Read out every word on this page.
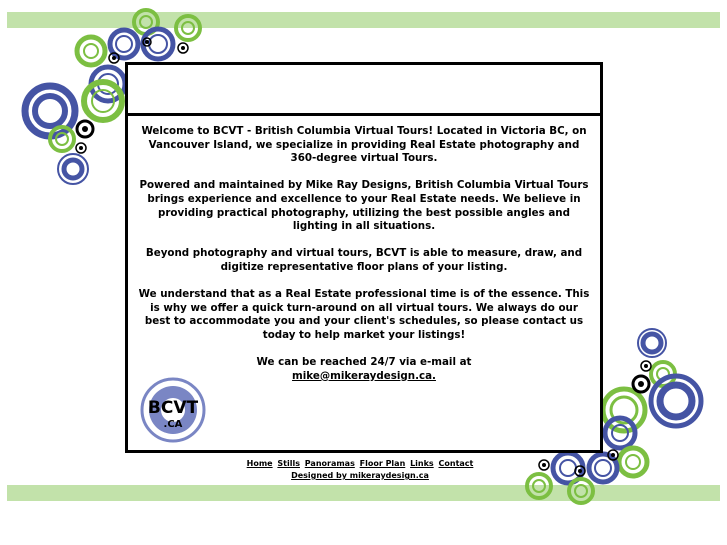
Welcome to BCVT - British Columbia Virtual Tours! Located in Victoria BC, on Vancouver Island, we specialize in providing Real Estate photography and 360-degree virtual Tours.

Powered and maintained by Mike Ray Designs, British Columbia Virtual Tours brings experience and excellence to your Real Estate needs. We believe in providing practical photography, utilizing the best possible angles and lighting in all situations.

Beyond photography and virtual tours, BCVT is able to measure, draw, and digitize representative floor plans of your listing.

We understand that as a Real Estate professional time is of the essence. This is why we offer a quick turn-around on all virtual tours. We always do our best to accommodate you and your client's schedules, so please contact us today to help market your listings!

We can be reached 24/7 via e-mail at
mike@mikeraydesign.ca.

BCVT
.CA
Home Stills Panoramas Floor Plan Links Contact
Designed by mikeraydesign.ca
